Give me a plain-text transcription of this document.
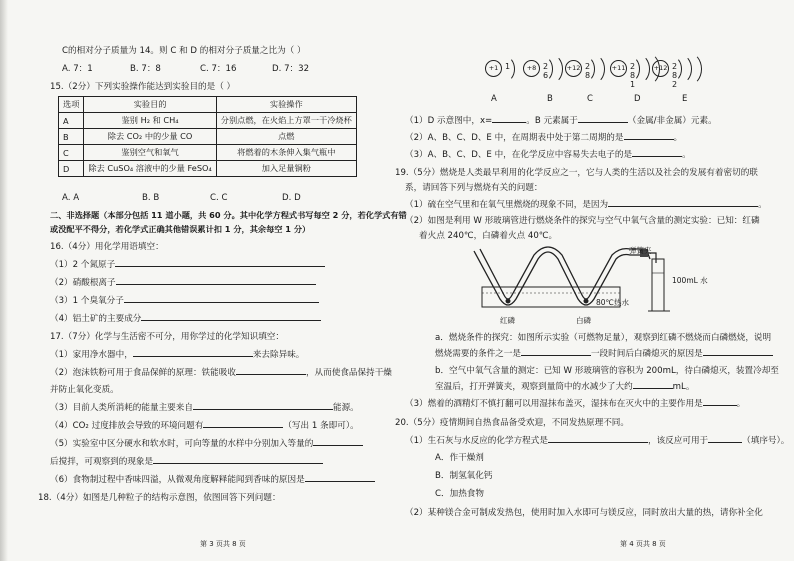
C的相对分子质量为 14。则 C 和 D 的相对分子质量之比为（ ）
A. 7：1	B. 7：8	C. 7：16	D. 7：32
15.（2分）下列实验操作能达到实验目的是（ ）
选项	实验目的	实验操作
A	鉴别 H₂ 和 CH₄	分别点燃，在火焰上方罩一干冷烧杯
B	除去 CO₂ 中的少量 CO	点燃
C	鉴别空气和氧气	将燃着的木条伸入集气瓶中
D	除去 CuSO₄ 溶液中的少量 FeSO₄	加入足量铜粉
A. A	B. B	C. C	D. D
二、非选择题（本部分包括 11 道小题，共 60 分。其中化学方程式书写每空 2 分，若化学式有错
或没配平不得分，若化学式正确其他错误累计扣 1 分，其余每空 1 分）
16.（4分）用化学用语填空：
（1）2 个氮原子
（2）硝酸根离子
（3）1 个臭氧分子
（4）铝土矿的主要成分
17.（7分）化学与生活密不可分，用你学过的化学知识填空：
（1）家用净水器中，	来去除异味。
（2）泡沫铁粉可用于食品保鲜的原理：铁能吸收	，从而使食品保持干燥
并防止氧化变质。
（3）目前人类所消耗的能量主要来自	能源。
（4）CO₂ 过度排放会导致的环境问题有	（写出 1 条即可）。
（5）实验室中区分硬水和软水时，可向等量的水样中分别加入等量的
后搅拌，可观察到的现象是
（6）食物制过程中香味四溢，从微观角度解释能闻到香味的原因是
18.（4分）如图是几种粒子的结构示意图，依图回答下列问题：
第 3 页共 8 页
+1 1
A
+8 2 6
B
+12 2 8
C
+11 2 8 1
D
+12 2 8 2
E
（1）D 示意图中，x=	。B 元素属于	（金属/非金属）元素。
（2）A、B、C、D、E 中，在周期表中处于第二周期的是	。
（3）A、B、C、D、E 中，在化学反应中容易失去电子的是	。
19.（5分）燃烧是人类最早利用的化学反应之一，它与人类的生活以及社会的发展有着密切的联
系，请回答下列与燃烧有关的问题：
（1）硫在空气里和在氧气里燃烧的现象不同，是因为	。
（2）如图是利用 W 形玻璃管进行燃烧条件的探究与空气中氧气含量的测定实验：已知：红磷
着火点 240℃，白磷着火点 40℃。
弹簧夹
100mL 水
80℃热水
红磷	白磷
a．燃烧条件的探究：如图所示实验（可燃物足量），观察到红磷不燃烧而白磷燃烧，说明
燃烧需要的条件之一是	一段时间后白磷熄灭的原因是
b．空气中氧气含量的测定：已知 W 形玻璃管的容积为 200mL，待白磷熄灭，装置冷却至
室温后，打开弹簧夹，观察到量筒中的水减少了大约	mL。
（3）燃着的酒精灯不慎打翻可以用湿抹布盖灭，湿抹布在灭火中的主要作用是	。
20.（5分）疫情期间自热食品备受欢迎，不同发热原理不同。
（1）生石灰与水反应的化学方程式是	，该反应可用于	（填序号）。
A．作干燥剂
B．制氢氧化钙
C．加热食物
（2）某种镁合金可制成发热包，使用时加入水即可与镁反应，同时放出大量的热，请你补全化
第 4 页共 8 页
